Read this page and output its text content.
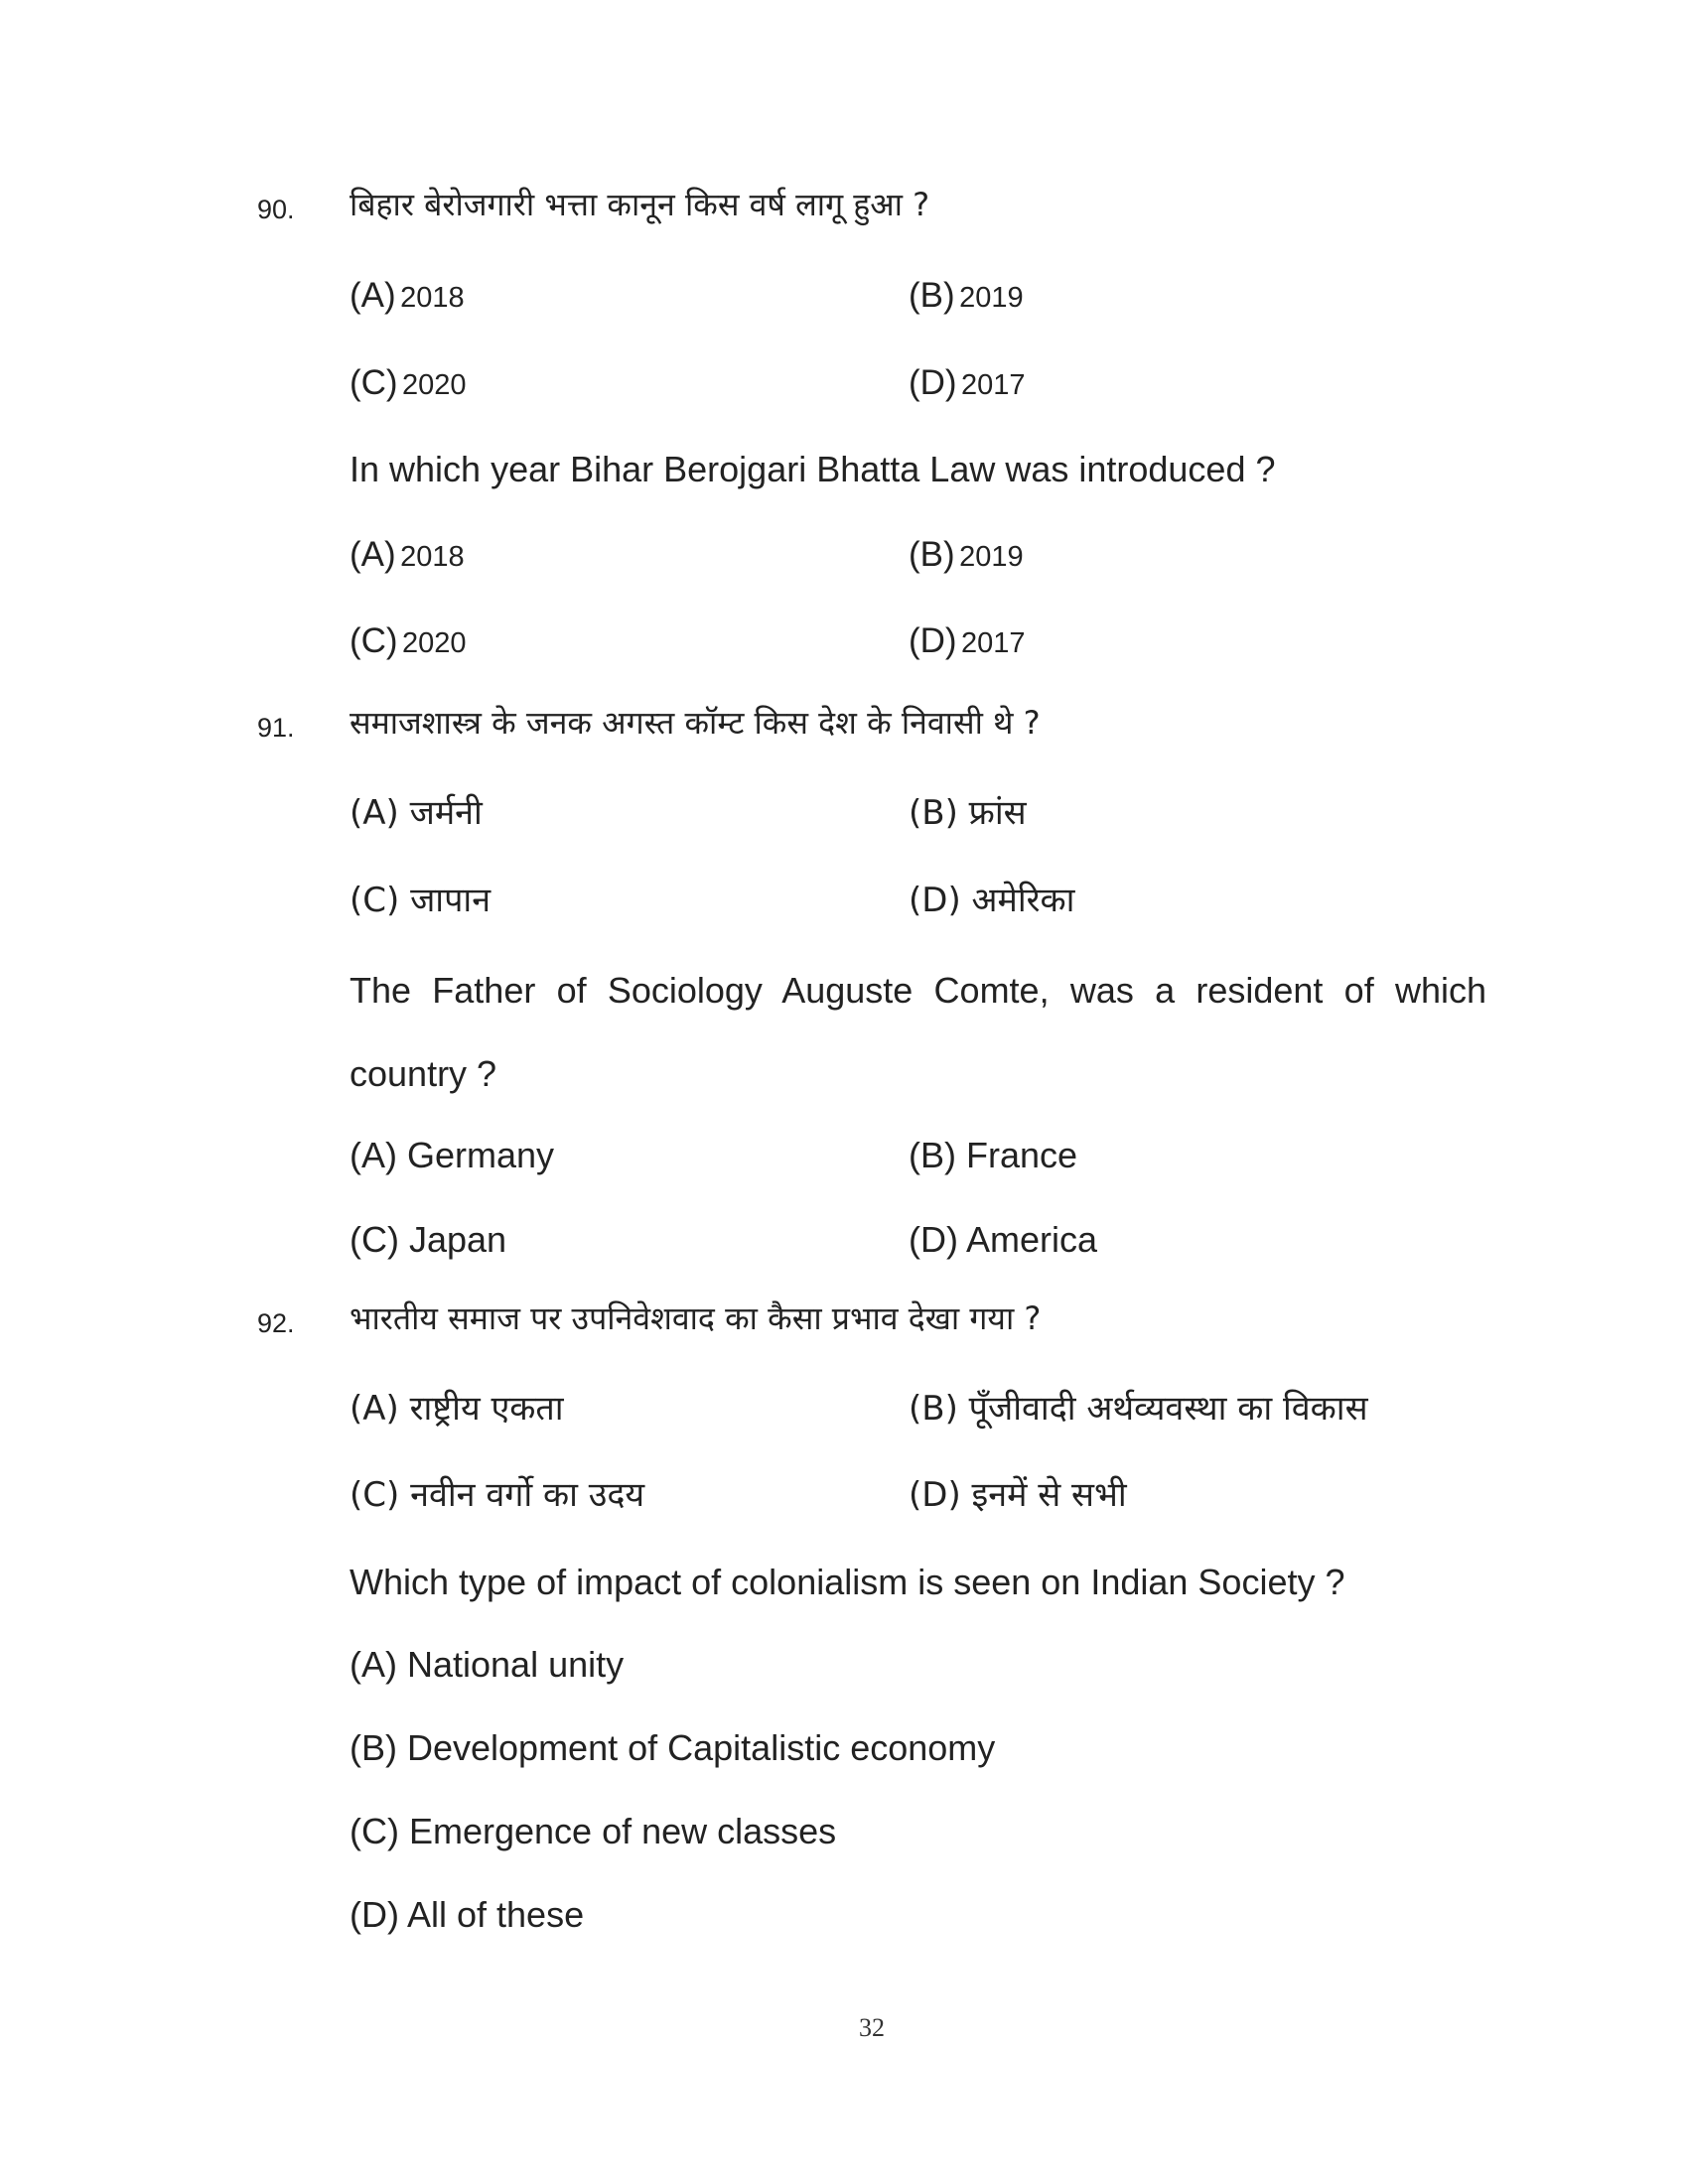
90. बिहार बेरोजगारी भत्ता कानून किस वर्ष लागू हुआ ?
(A) 2018	(B) 2019
(C) 2020	(D) 2017
In which year Bihar Berojgari Bhatta Law was introduced ?
(A) 2018	(B) 2019
(C) 2020	(D) 2017
91. समाजशास्त्र के जनक अगस्त कॉम्ट किस देश के निवासी थे ?
(A) जर्मनी	(B) फ्रांस
(C) जापान	(D) अमेरिका
The Father of Sociology Auguste Comte, was a resident of which
country ?
(A) Germany	(B) France
(C) Japan	(D) America
92. भारतीय समाज पर उपनिवेशवाद का कैसा प्रभाव देखा गया ?
(A) राष्ट्रीय एकता	(B) पूँजीवादी अर्थव्यवस्था का विकास
(C) नवीन वर्गो का उदय	(D) इनमें से सभी
Which type of impact of colonialism is seen on Indian Society ?
(A) National unity
(B) Development of Capitalistic economy
(C) Emergence of new classes
(D) All of these
32
